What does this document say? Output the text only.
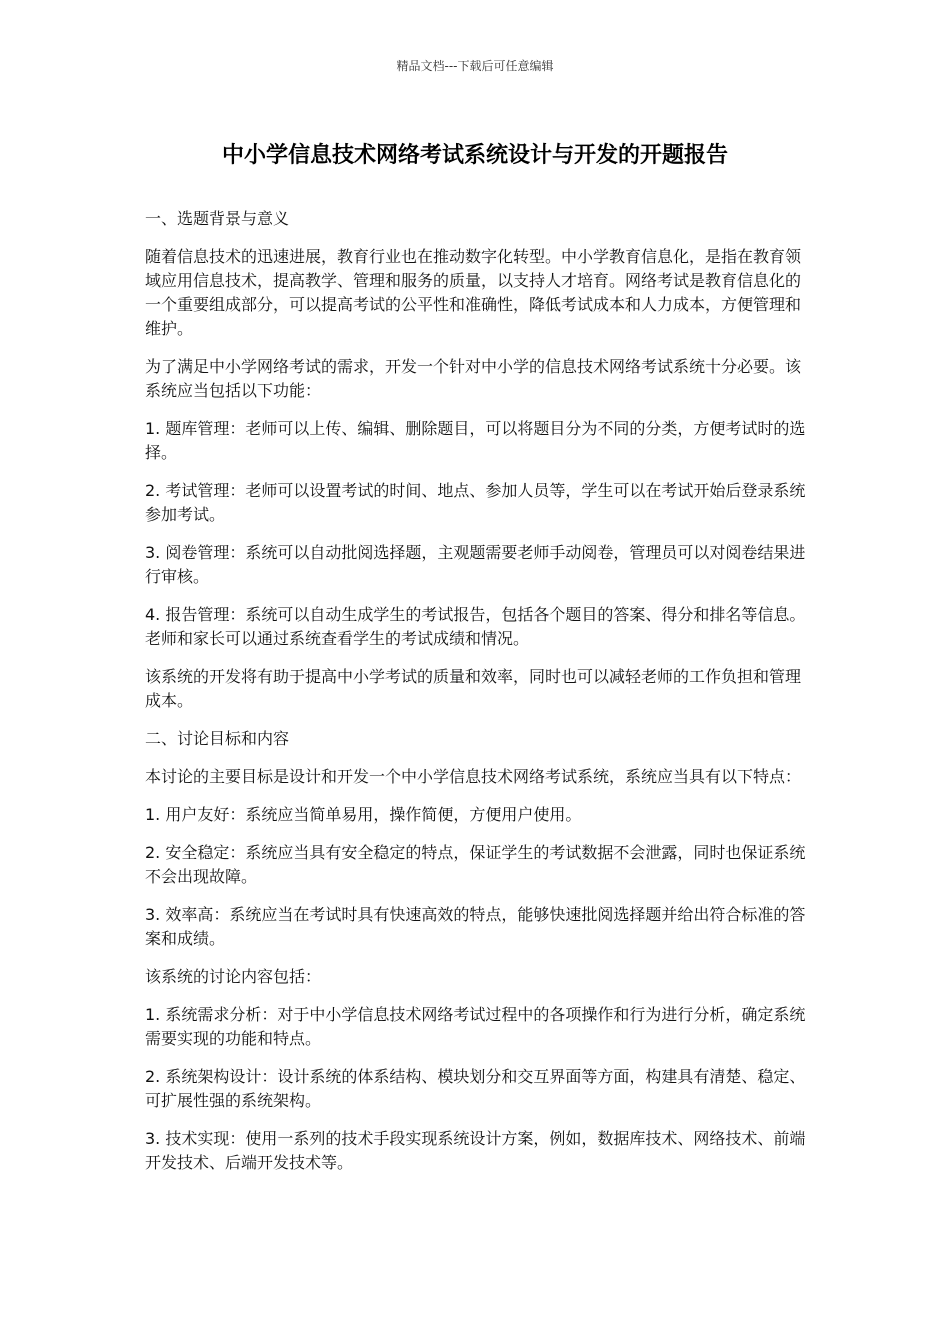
精品文档---下载后可任意编辑
中小学信息技术网络考试系统设计与开发的开题报告

一、选题背景与意义

随着信息技术的迅速进展，教育行业也在推动数字化转型。中小学教育信息化，是指在教育领域应用信息技术，提高教学、管理和服务的质量，以支持人才培育。网络考试是教育信息化的一个重要组成部分，可以提高考试的公平性和准确性，降低考试成本和人力成本，方便管理和维护。

为了满足中小学网络考试的需求，开发一个针对中小学的信息技术网络考试系统十分必要。该系统应当包括以下功能：

1. 题库管理：老师可以上传、编辑、删除题目，可以将题目分为不同的分类，方便考试时的选择。

2. 考试管理：老师可以设置考试的时间、地点、参加人员等，学生可以在考试开始后登录系统参加考试。

3. 阅卷管理：系统可以自动批阅选择题，主观题需要老师手动阅卷，管理员可以对阅卷结果进行审核。

4. 报告管理：系统可以自动生成学生的考试报告，包括各个题目的答案、得分和排名等信息。老师和家长可以通过系统查看学生的考试成绩和情况。

该系统的开发将有助于提高中小学考试的质量和效率，同时也可以减轻老师的工作负担和管理成本。

二、讨论目标和内容

本讨论的主要目标是设计和开发一个中小学信息技术网络考试系统，系统应当具有以下特点：

1. 用户友好：系统应当简单易用，操作简便，方便用户使用。

2. 安全稳定：系统应当具有安全稳定的特点，保证学生的考试数据不会泄露，同时也保证系统不会出现故障。

3. 效率高：系统应当在考试时具有快速高效的特点，能够快速批阅选择题并给出符合标准的答案和成绩。

该系统的讨论内容包括：

1. 系统需求分析：对于中小学信息技术网络考试过程中的各项操作和行为进行分析，确定系统需要实现的功能和特点。

2. 系统架构设计：设计系统的体系结构、模块划分和交互界面等方面，构建具有清楚、稳定、可扩展性强的系统架构。

3. 技术实现：使用一系列的技术手段实现系统设计方案，例如，数据库技术、网络技术、前端开发技术、后端开发技术等。
